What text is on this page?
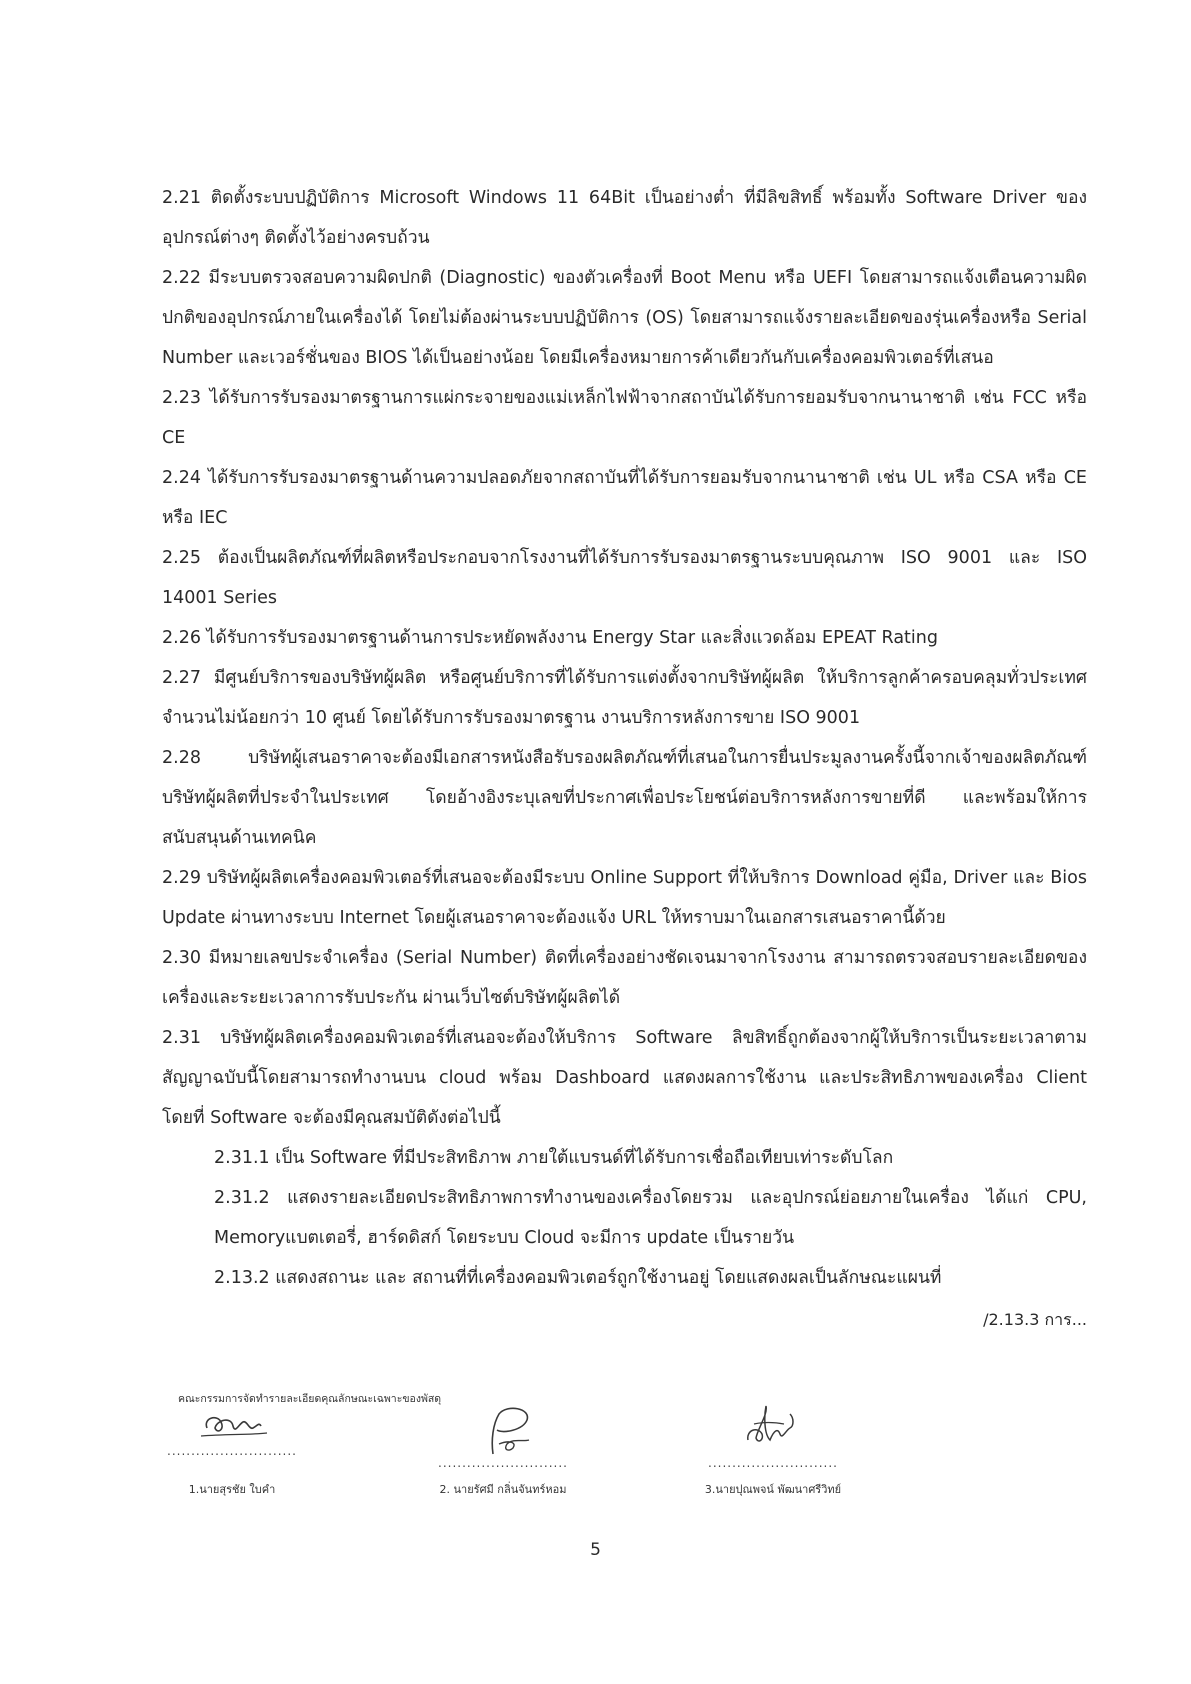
2.21 ติดตั้งระบบปฏิบัติการ Microsoft Windows 11 64Bit เป็นอย่างต่ำ ที่มีลิขสิทธิ์ พร้อมทั้ง Software Driver ของอุปกรณ์ต่างๆ ติดตั้งไว้อย่างครบถ้วน

2.22 มีระบบตรวจสอบความผิดปกติ (Diagnostic) ของตัวเครื่องที่ Boot Menu หรือ UEFI โดยสามารถแจ้งเตือนความผิดปกติของอุปกรณ์ภายในเครื่องได้ โดยไม่ต้องผ่านระบบปฏิบัติการ (OS) โดยสามารถแจ้งรายละเอียดของรุ่นเครื่องหรือ Serial Number และเวอร์ชั่นของ BIOS ได้เป็นอย่างน้อย โดยมีเครื่องหมายการค้าเดียวกันกับเครื่องคอมพิวเตอร์ที่เสนอ

2.23 ได้รับการรับรองมาตรฐานการแผ่กระจายของแม่เหล็กไฟฟ้าจากสถาบันได้รับการยอมรับจากนานาชาติ เช่น FCC หรือ CE

2.24 ได้รับการรับรองมาตรฐานด้านความปลอดภัยจากสถาบันที่ได้รับการยอมรับจากนานาชาติ เช่น UL หรือ CSA หรือ CE หรือ IEC

2.25 ต้องเป็นผลิตภัณฑ์ที่ผลิตหรือประกอบจากโรงงานที่ได้รับการรับรองมาตรฐานระบบคุณภาพ ISO 9001 และ ISO 14001 Series

2.26 ได้รับการรับรองมาตรฐานด้านการประหยัดพลังงาน Energy Star และสิ่งแวดล้อม EPEAT Rating

2.27 มีศูนย์บริการของบริษัทผู้ผลิต หรือศูนย์บริการที่ได้รับการแต่งตั้งจากบริษัทผู้ผลิต ให้บริการลูกค้าครอบคลุมทั่วประเทศจำนวนไม่น้อยกว่า 10 ศูนย์ โดยได้รับการรับรองมาตรฐาน งานบริการหลังการขาย ISO 9001

2.28 บริษัทผู้เสนอราคาจะต้องมีเอกสารหนังสือรับรองผลิตภัณฑ์ที่เสนอในการยื่นประมูลงานครั้งนี้จากเจ้าของผลิตภัณฑ์บริษัทผู้ผลิตที่ประจำในประเทศ โดยอ้างอิงระบุเลขที่ประกาศเพื่อประโยชน์ต่อบริการหลังการขายที่ดี และพร้อมให้การสนับสนุนด้านเทคนิค

2.29 บริษัทผู้ผลิตเครื่องคอมพิวเตอร์ที่เสนอจะต้องมีระบบ Online Support ที่ให้บริการ Download คู่มือ, Driver และ Bios Update ผ่านทางระบบ Internet โดยผู้เสนอราคาจะต้องแจ้ง URL ให้ทราบมาในเอกสารเสนอราคานี้ด้วย

2.30 มีหมายเลขประจำเครื่อง (Serial Number) ติดที่เครื่องอย่างชัดเจนมาจากโรงงาน สามารถตรวจสอบรายละเอียดของเครื่องและระยะเวลาการรับประกัน ผ่านเว็บไซต์บริษัทผู้ผลิตได้

2.31 บริษัทผู้ผลิตเครื่องคอมพิวเตอร์ที่เสนอจะต้องให้บริการ Software ลิขสิทธิ์ถูกต้องจากผู้ให้บริการเป็นระยะเวลาตามสัญญาฉบับนี้โดยสามารถทำงานบน cloud พร้อม Dashboard แสดงผลการใช้งาน และประสิทธิภาพของเครื่อง Client โดยที่ Software จะต้องมีคุณสมบัติดังต่อไปนี้

2.31.1 เป็น Software ที่มีประสิทธิภาพ ภายใต้แบรนด์ที่ได้รับการเชื่อถือเทียบเท่าระดับโลก

2.31.2 แสดงรายละเอียดประสิทธิภาพการทำงานของเครื่องโดยรวม และอุปกรณ์ย่อยภายในเครื่อง ได้แก่ CPU, Memoryแบตเตอรี่, ฮาร์ดดิสก์ โดยระบบ Cloud จะมีการ update เป็นรายวัน

2.13.2 แสดงสถานะ และ สถานที่ที่เครื่องคอมพิวเตอร์ถูกใช้งานอยู่ โดยแสดงผลเป็นลักษณะแผนที่

/2.13.3 การ...

คณะกรรมการจัดทำรายละเอียดคุณลักษณะเฉพาะของพัสดุ
...........................
1.นายสุรชัย ใบคำ
...........................
2. นายรัศมี กลิ่นจันทร์หอม
...........................
3.นายปุณพจน์ พัฒนาศรีวิทย์
5
